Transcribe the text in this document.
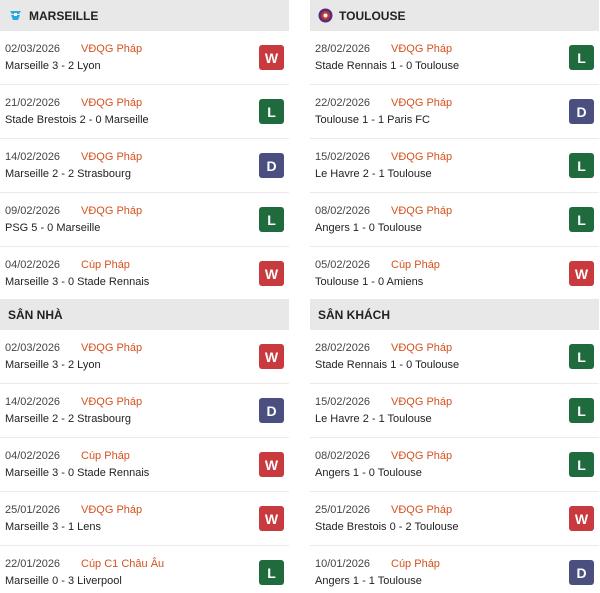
MARSEILLE
02/03/2026 VĐQG Pháp
Marseille 3 - 2 Lyon
W
21/02/2026 VĐQG Pháp
Stade Brestois 2 - 0 Marseille
L
14/02/2026 VĐQG Pháp
Marseille 2 - 2 Strasbourg
D
09/02/2026 VĐQG Pháp
PSG 5 - 0 Marseille
L
04/02/2026 Cúp Pháp
Marseille 3 - 0 Stade Rennais
W
SÂN NHÀ
02/03/2026 VĐQG Pháp
Marseille 3 - 2 Lyon
W
14/02/2026 VĐQG Pháp
Marseille 2 - 2 Strasbourg
D
04/02/2026 Cúp Pháp
Marseille 3 - 0 Stade Rennais
W
25/01/2026 VĐQG Pháp
Marseille 3 - 1 Lens
W
22/01/2026 Cúp C1 Châu Âu
Marseille 0 - 3 Liverpool
L
TOULOUSE
28/02/2026 VĐQG Pháp
Stade Rennais 1 - 0 Toulouse
L
22/02/2026 VĐQG Pháp
Toulouse 1 - 1 Paris FC
D
15/02/2026 VĐQG Pháp
Le Havre 2 - 1 Toulouse
L
08/02/2026 VĐQG Pháp
Angers 1 - 0 Toulouse
L
05/02/2026 Cúp Pháp
Toulouse 1 - 0 Amiens
W
SÂN KHÁCH
28/02/2026 VĐQG Pháp
Stade Rennais 1 - 0 Toulouse
L
15/02/2026 VĐQG Pháp
Le Havre 2 - 1 Toulouse
L
08/02/2026 VĐQG Pháp
Angers 1 - 0 Toulouse
L
25/01/2026 VĐQG Pháp
Stade Brestois 0 - 2 Toulouse
W
10/01/2026 Cúp Pháp
Angers 1 - 1 Toulouse
D
